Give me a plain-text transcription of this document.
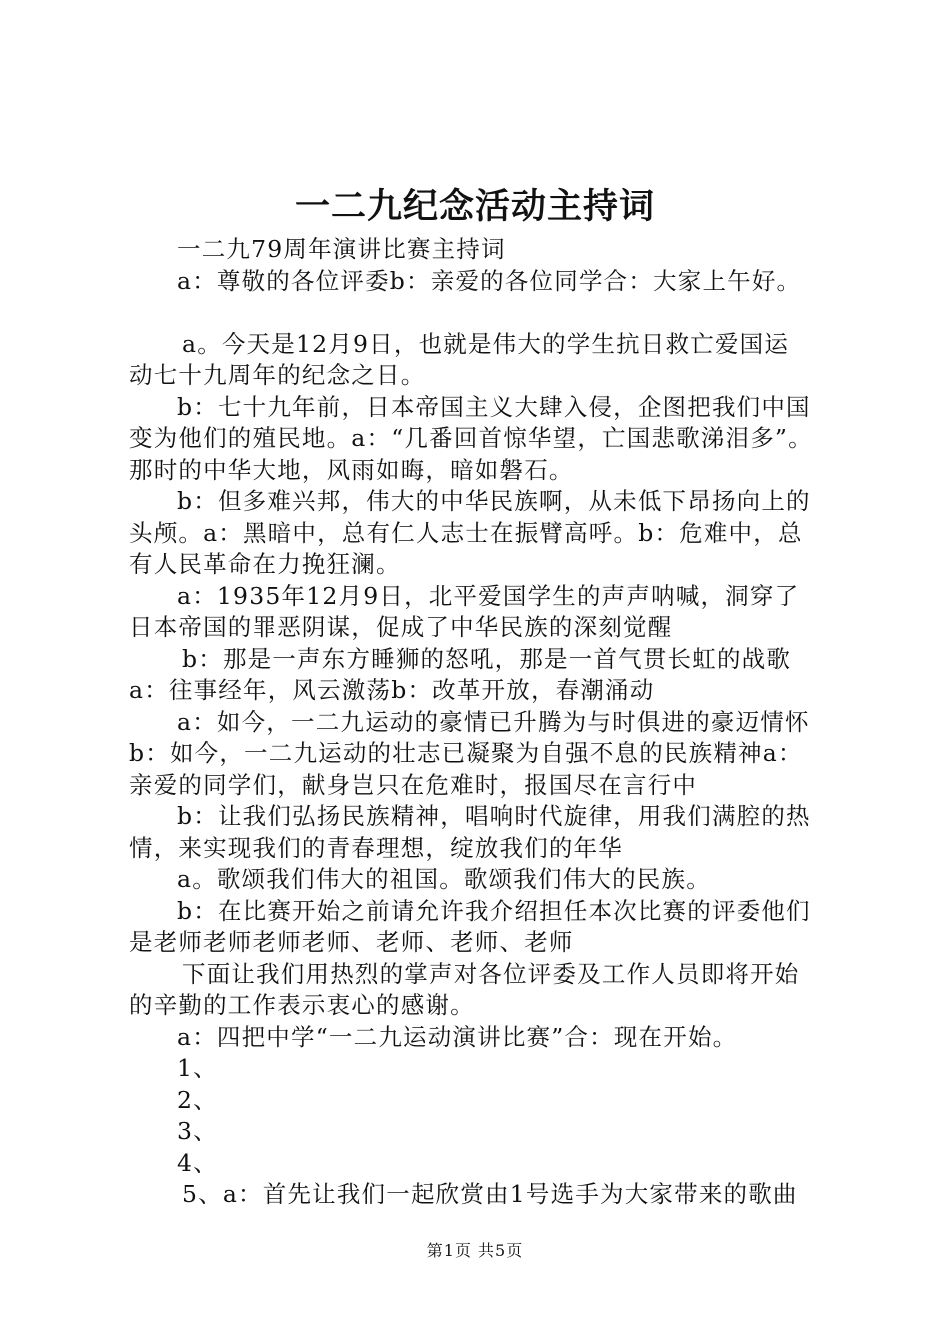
一二九纪念活动主持词
一二九79周年演讲比赛主持词
a：尊敬的各位评委b：亲爱的各位同学合：大家上午好。
a。今天是12月9日，也就是伟大的学生抗日救亡爱国运
动七十九周年的纪念之日。
b：七十九年前，日本帝国主义大肆入侵，企图把我们中国
变为他们的殖民地。a：“几番回首惊华望，亡国悲歌涕泪多”。
那时的中华大地，风雨如晦，暗如磐石。
b：但多难兴邦，伟大的中华民族啊，从未低下昂扬向上的
头颅。a：黑暗中，总有仁人志士在振臂高呼。b：危难中，总
有人民革命在力挽狂澜。
a：1935年12月9日，北平爱国学生的声声呐喊，洞穿了
日本帝国的罪恶阴谋，促成了中华民族的深刻觉醒
b：那是一声东方睡狮的怒吼，那是一首气贯长虹的战歌
a：往事经年，风云激荡b：改革开放，春潮涌动
a：如今，一二九运动的豪情已升腾为与时俱进的豪迈情怀
b：如今，一二九运动的壮志已凝聚为自强不息的民族精神a：
亲爱的同学们，献身岂只在危难时，报国尽在言行中
b：让我们弘扬民族精神，唱响时代旋律，用我们满腔的热
情，来实现我们的青春理想，绽放我们的年华
a。歌颂我们伟大的祖国。歌颂我们伟大的民族。
b：在比赛开始之前请允许我介绍担任本次比赛的评委他们
是老师老师老师老师、老师、老师、老师
下面让我们用热烈的掌声对各位评委及工作人员即将开始
的辛勤的工作表示衷心的感谢。
a：四把中学“一二九运动演讲比赛”合：现在开始。
1、
2、
3、
4、
5、a：首先让我们一起欣赏由1号选手为大家带来的歌曲
第1页 共5页
